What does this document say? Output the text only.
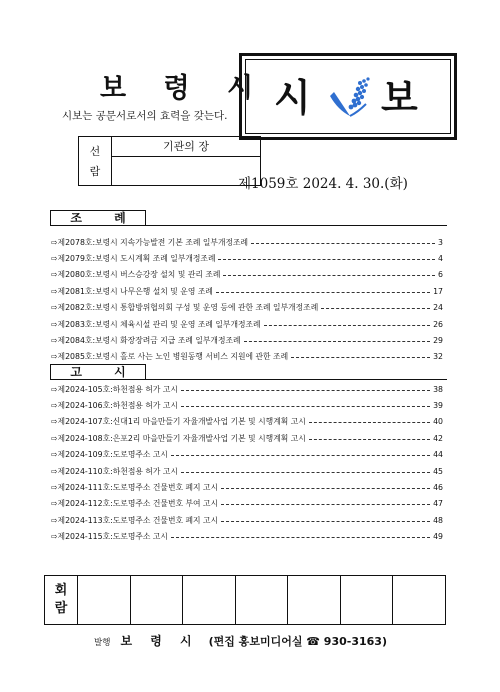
보 령 시
시보는 공문서로서의 효력을 갖는다. 시 보
선
람
기관의 장
제1059호 2024. 4. 30.(화)
조 례
⇨제2078호:보령시 지속가능발전 기본 조례 일부개정조례	3
⇨제2079호:보령시 도시계획 조례 일부개정조례	4
⇨제2080호:보령시 버스승강장 설치 및 관리 조례	6
⇨제2081호:보령시 나무은행 설치 및 운영 조례	17
⇨제2082호:보령시 통합방위협의회 구성 및 운영 등에 관한 조례 일부개정조례	24
⇨제2083호:보령시 체육시설 관리 및 운영 조례 일부개정조례	26
⇨제2084호:보령시 화장장려금 지급 조례 일부개정조례	29
⇨제2085호:보령시 홀로 사는 노인 병원동행 서비스 지원에 관한 조례	32
고 시
⇨제2024-105호:하천점용 허가 고시	38
⇨제2024-106호:하천점용 허가 고시	39
⇨제2024-107호:신대1리 마을만들기 자율개발사업 기본 및 시행계획 고시	40
⇨제2024-108호:은포2리 마을만들기 자율개발사업 기본 및 시행계획 고시	42
⇨제2024-109호:도로명주소 고시	44
⇨제2024-110호:하천점용 허가 고시	45
⇨제2024-111호:도로명주소 건물번호 폐지 고시	46
⇨제2024-112호:도로명주소 건물번호 부여 고시	47
⇨제2024-113호:도로명주소 건물번호 폐지 고시	48
⇨제2024-115호:도로명주소 고시	49
회
람
발행 보 령 시 (편집 홍보미디어실 ☎ 930-3163)
